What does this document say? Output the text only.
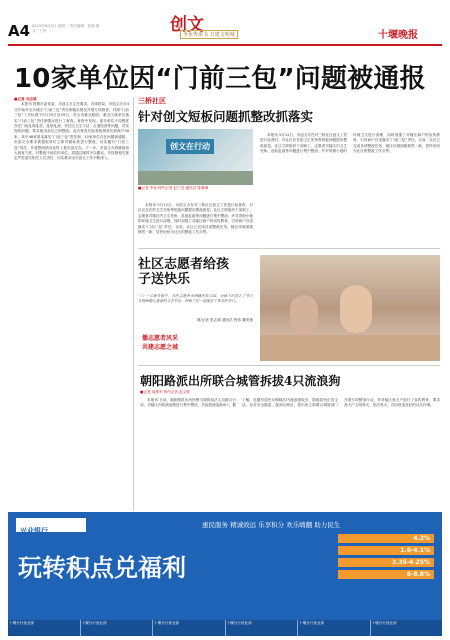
A4 2015年6月2日 星期二 责任编辑：张淑 版式：王丹	创文
争优秀委书 且建文明城	十堰晚报
10家单位因“门前三包”问题被通报
■记者 吴志斌
本报讯 按照市委常委、市创文办主任要求，市城管局、市创文办自4月开始对全市城区“门前三包”责任制落实情况开展专项督查，对照“门前三包”工作标准于5月25日至29日，对全市重点路段、重点区域单位落实“门前三包”责任制情况进行了督查。督查中发现，部分单位不同程度存在门前乱堆乱放、乱贴乱画、责任区卫生不洁、占道经营等问题，对发现的问题，要求相关单位立即整改。此次督查共检查临街单位和商户58家，其中48家基本落实“门前三包”责任制，10家单位存在问题被通报。市创文办要求被通报单位立即对照标准进行整改，切实履行“门前三包”责任，并将整改情况及时上报市创文办。下一步，市创文办将继续加大督查力度，对整改不到位的单位，将通过媒体予以曝光，并按照相关规定严肃追究相关人员责任，切实推动全市创文工作不断深入。
三桥社区
针对创文短板问题抓整改抓落实
创文在行动
■记者 李伟 特约记者 赵兰亮 通讯员 陈琳琳
本报讯 5月12日，市创文办在对三桥社区创文工作进行检查时，对社区存在的卫生死角等短板问题提出整改意见。社区立即组织干部职工、志愿者对辖区内卫生死角、乱贴乱画等问题进行集中整治，并对背街小巷的环境卫生进行清理，同时加强了对辖区商户的宣传教育，引导商户自觉落实“门前三包”责任。目前，社区已完成各项整改任务，辖区环境面貌焕然一新，居民纷纷为社区的整改工作点赞。
本报讯 5月12日，市创文办在对三桥社区创文工作进行检查时，对社区存在的卫生死角等短板问题提出整改意见。社区立即组织干部职工、志愿者对辖区内卫生死角、乱贴乱画等问题进行集中整治，并对背街小巷的环境卫生进行清理，同时加强了对辖区商户的宣传教育，引导商户自觉落实“门前三包”责任。目前，社区已完成各项整改任务，辖区环境面貌焕然一新，居民纷纷为社区的整改工作点赞。
社区志愿者给孩子送快乐
“六一”儿童节前夕，社区志愿者来到辖区幼儿园，为孩子们送去了节日礼物和精心准备的文艺节目，和孩子们一起度过了欢乐的节日。
图/记者 张志斌 通讯员 程伟 戴美艳
播志愿者风采
共建志愿之城
朝阳路派出所联合城管拆拔4只流浪狗
■记者 周维军 特约记者 赵文胜
本报讯 日前，朝阳路派出所民警与城管执法人员联合行动，对辖区内的流浪狗进行集中整治，共拆拔流浪狗4只。据了解，近期有居民反映辖区内流浪狗较多，影响居民正常生活，存在安全隐患。接到反映后，派出所立即联合城管部门开展专项整治行动，并对辖区养犬户进行了宣传教育，要求养犬户文明养犬，依法养犬，共同营造良好的社区环境。
兴业银行
惠民服务 精诚致远 乐享积分 欢乐嗨翻 助力民生
玩转积点兑福利
4.2%
1.6-4.1%
3.35-4.25%
6-8.8%
十堰分行营业部	十堰分行营业部	十堰分行营业部	十堰分行营业部	十堰分行营业部	十堰分行营业部
